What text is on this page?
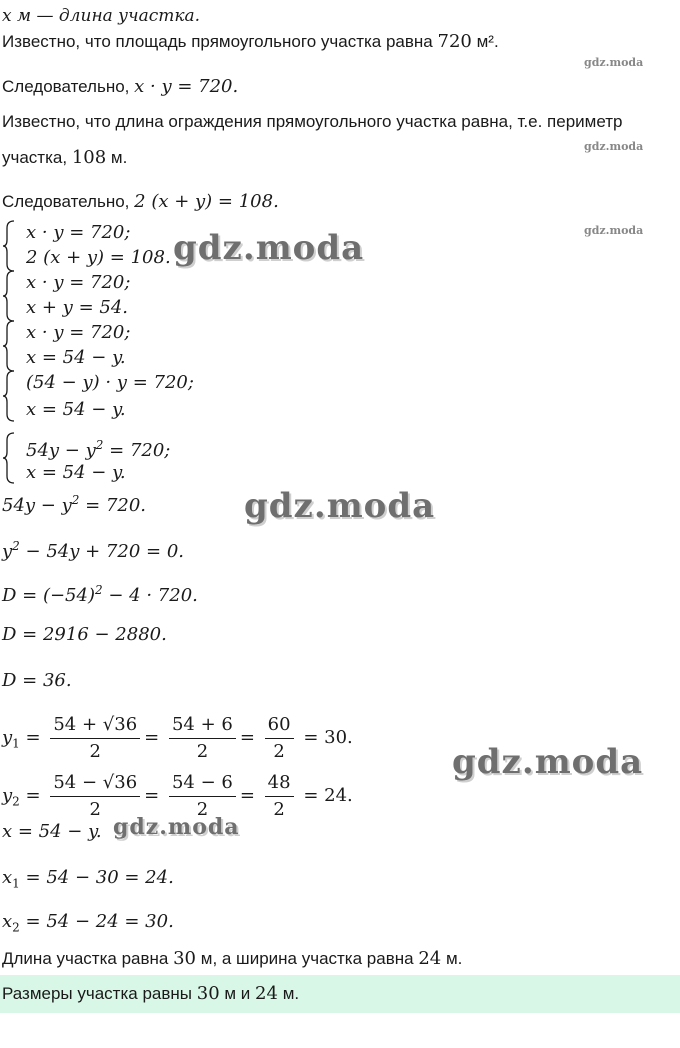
x м — длина участка.
Известно, что площадь прямоугольного участка равна 720 м².
Следовательно, x · y = 720.
Известно, что длина ограждения прямоугольного участка равна, т.е. периметр
участка, 108 м.
Следовательно, 2 (x + y) = 108.
x · y = 720;
2 (x + y) = 108.
x · y = 720;
x + y = 54.
x · y = 720;
x = 54 − y.
(54 − y) · y = 720;
x = 54 − y.
$54y - y^2 = 720$;
x = 54 − y.
$54y - y^2 = 720$.
$y^2 - 54y + 720 = 0$.
$D = (-54)^2 - 4 \cdot 720$.
D = 2916 − 2880.
D = 36.
$y_1 = \frac{54 + √36}{2} = \frac{54 + 6}{2} = \frac{60}{2} = 30$.
$y_2 = \frac{54 - √36}{2} = \frac{54 - 6}{2} = \frac{48}{2} = 24$.
x = 54 − y.
$x_1 = 54 - 30 = 24$.
$x_2 = 54 - 24 = 30$.
Длина участка равна 30 м, а ширина участка равна 24 м.
Размеры участка равны 30 м и 24 м.
gdz.moda
gdz.moda
gdz.moda
gdz.moda
gdz.moda
gdz.moda
gdz.moda
